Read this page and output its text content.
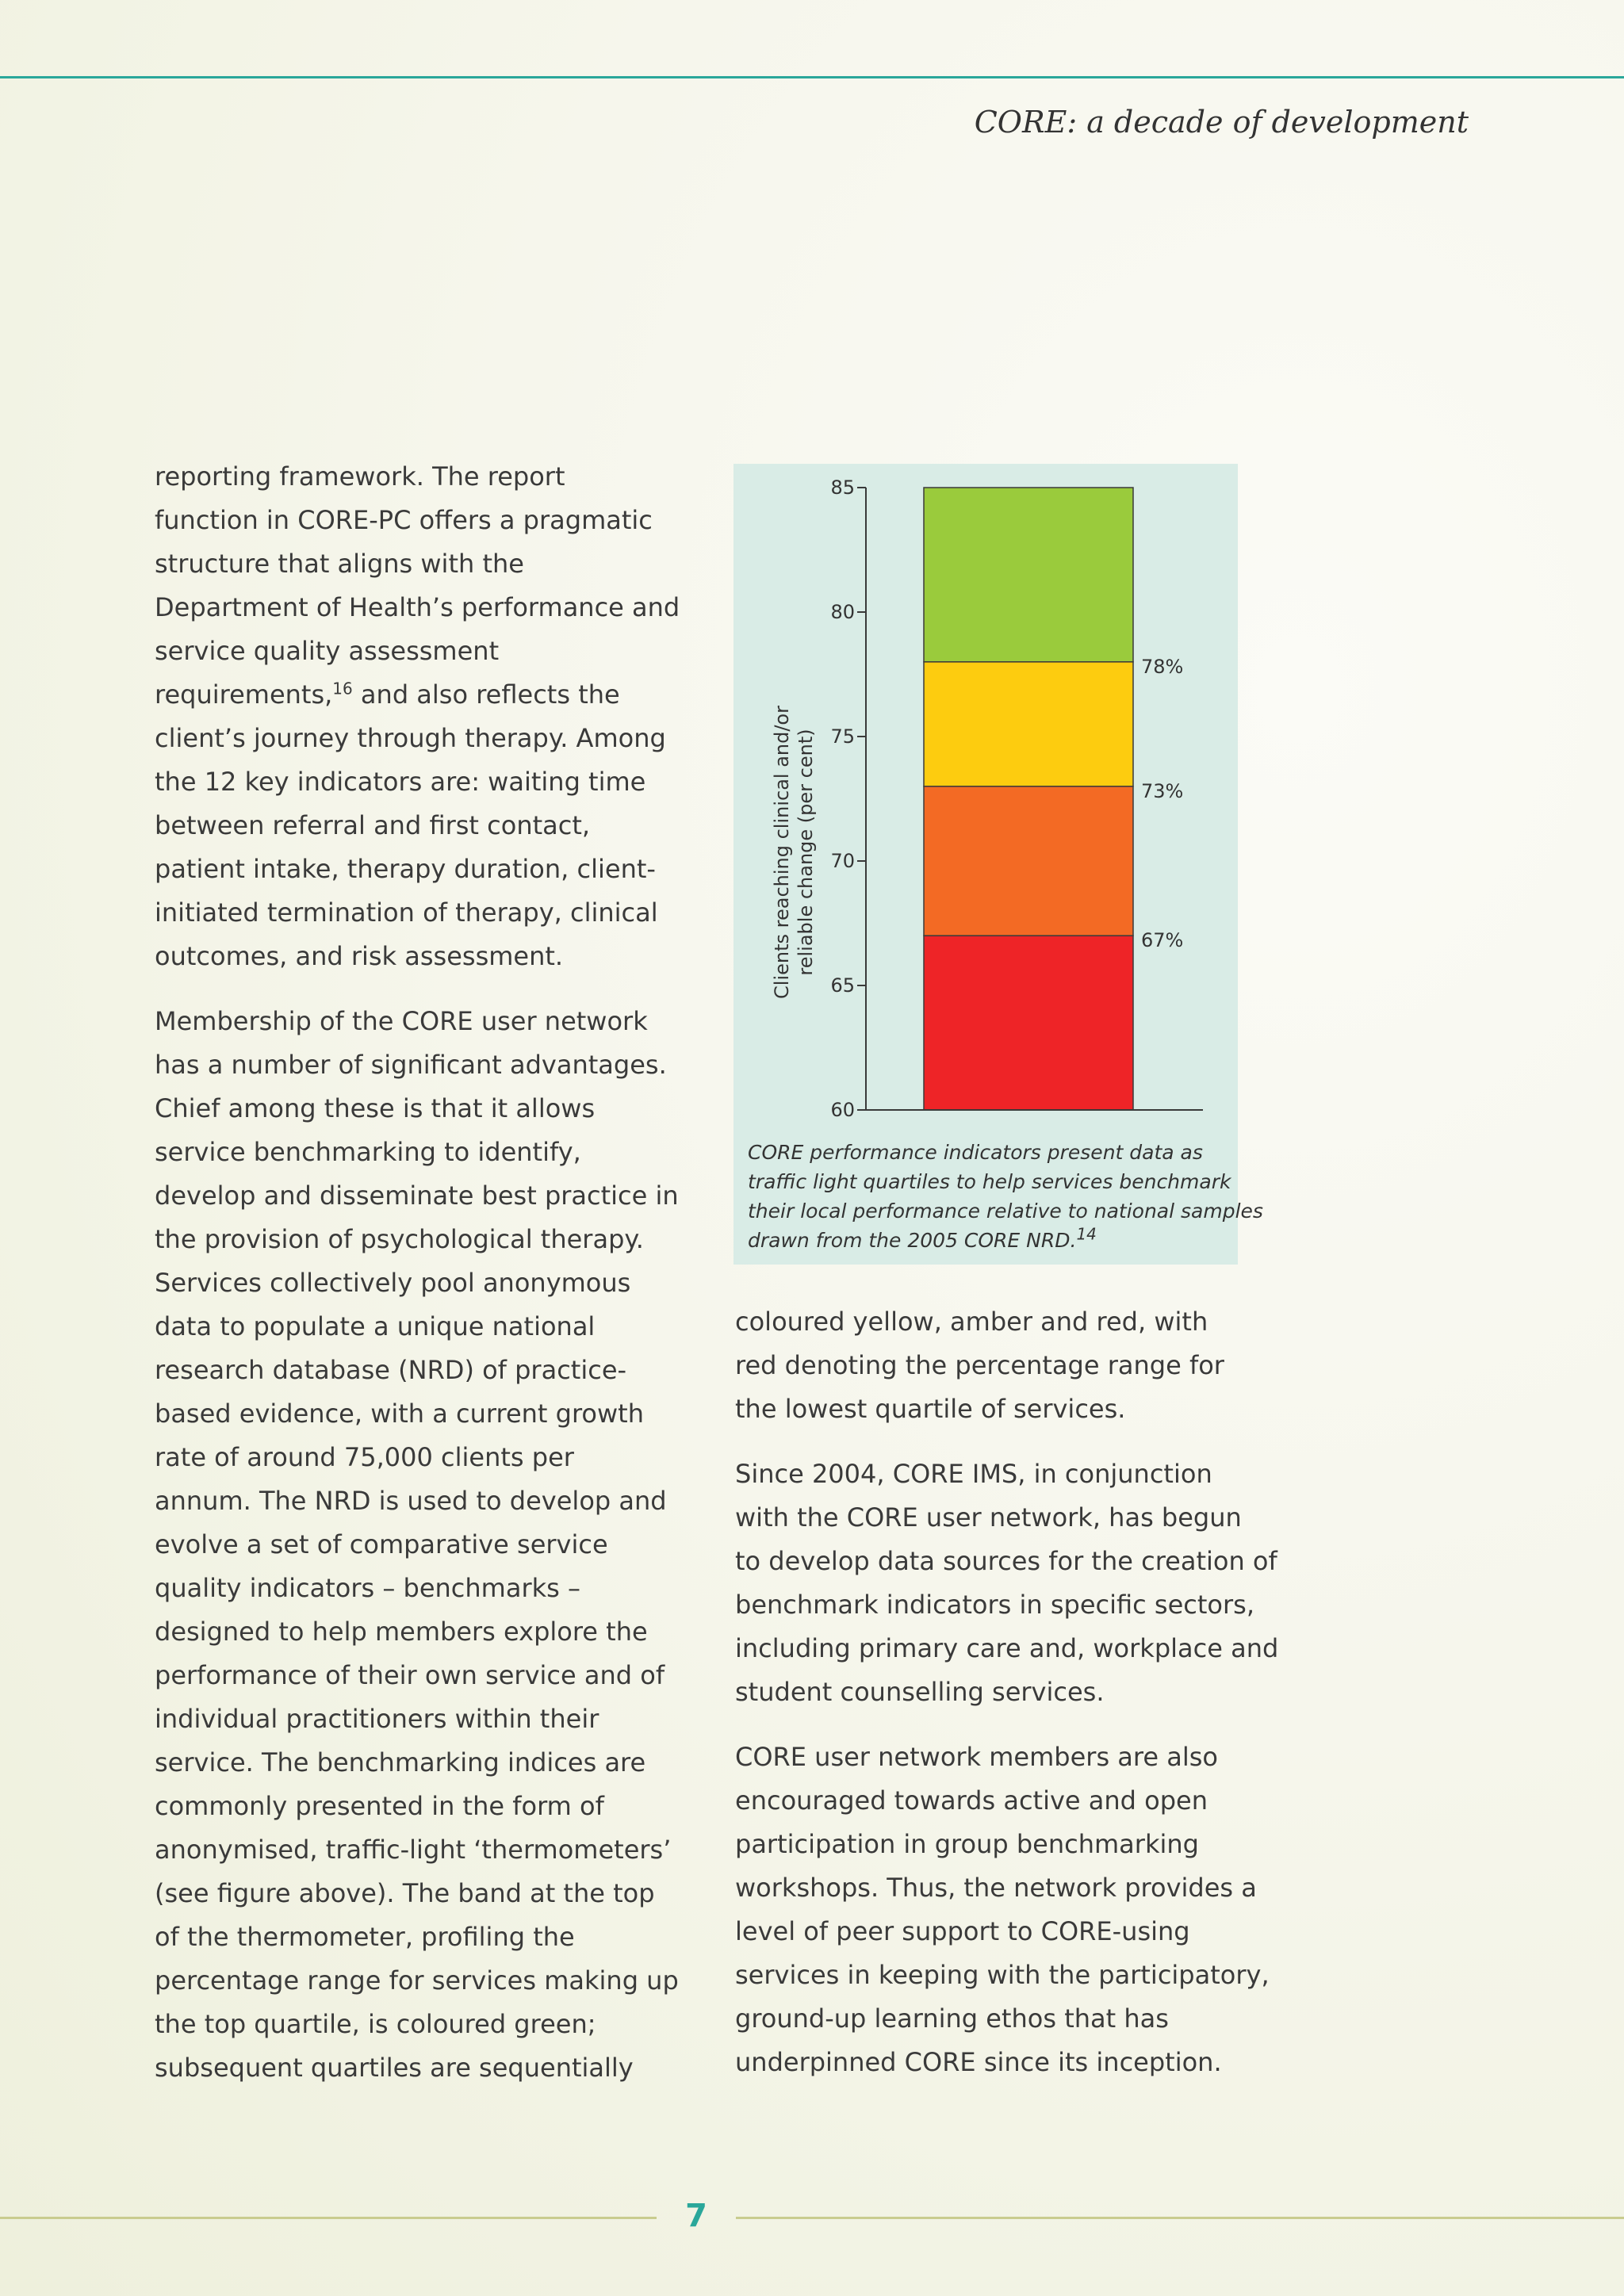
CORE: a decade of development
reporting framework. The report
function in CORE-PC offers a pragmatic
structure that aligns with the
Department of Health’s performance and
service quality assessment
requirements,$^{16}$ and also reflects the
client’s journey through therapy. Among
the 12 key indicators are: waiting time
between referral and first contact,
patient intake, therapy duration, client-
initiated termination of therapy, clinical
outcomes, and risk assessment.
Membership of the CORE user network
has a number of significant advantages.
Chief among these is that it allows
service benchmarking to identify,
develop and disseminate best practice in
the provision of psychological therapy.
Services collectively pool anonymous
data to populate a unique national
research database (NRD) of practice-
based evidence, with a current growth
rate of around 75,000 clients per
annum. The NRD is used to develop and
evolve a set of comparative service
quality indicators – benchmarks –
designed to help members explore the
performance of their own service and of
individual practitioners within their
service. The benchmarking indices are
commonly presented in the form of
anonymised, traffic-light ‘thermometers’
(see figure above). The band at the top
of the thermometer, profiling the
percentage range for services making up
the top quartile, is coloured green;
subsequent quartiles are sequentially
60
65
70
75
80
85
67%
73%
78%
Clients reaching clinical and/or reliable change (per cent)
CORE performance indicators present data as
traffic light quartiles to help services benchmark
their local performance relative to national samples
drawn from the 2005 CORE NRD.$^{14}$
coloured yellow, amber and red, with
red denoting the percentage range for
the lowest quartile of services.
Since 2004, CORE IMS, in conjunction
with the CORE user network, has begun
to develop data sources for the creation of
benchmark indicators in specific sectors,
including primary care and, workplace and
student counselling services.
CORE user network members are also
encouraged towards active and open
participation in group benchmarking
workshops. Thus, the network provides a
level of peer support to CORE-using
services in keeping with the participatory,
ground-up learning ethos that has
underpinned CORE since its inception.
7
